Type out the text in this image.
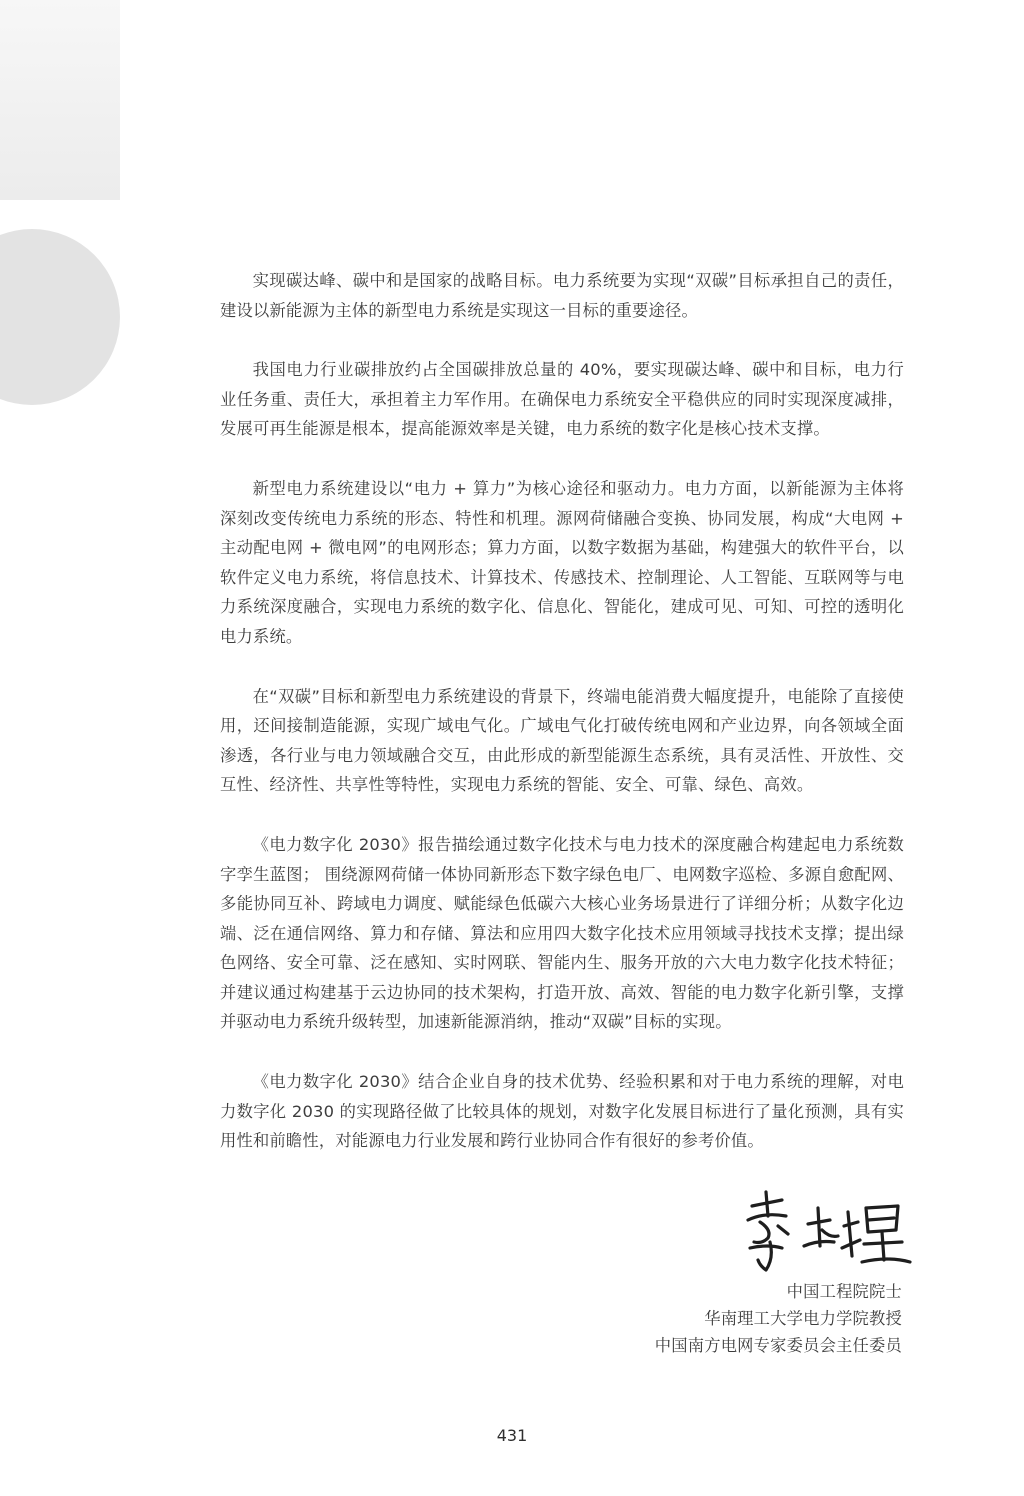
实现碳达峰、碳中和是国家的战略目标。电力系统要为实现“双碳”目标承担自己的责任，建设以新能源为主体的新型电力系统是实现这一目标的重要途径。

我国电力行业碳排放约占全国碳排放总量的 40%，要实现碳达峰、碳中和目标，电力行业任务重、责任大，承担着主力军作用。在确保电力系统安全平稳供应的同时实现深度减排，发展可再生能源是根本，提高能源效率是关键，电力系统的数字化是核心技术支撑。

新型电力系统建设以“电力 + 算力”为核心途径和驱动力。电力方面，以新能源为主体将深刻改变传统电力系统的形态、特性和机理。源网荷储融合变换、协同发展，构成“大电网 + 主动配电网 + 微电网”的电网形态；算力方面，以数字数据为基础，构建强大的软件平台，以软件定义电力系统，将信息技术、计算技术、传感技术、控制理论、人工智能、互联网等与电力系统深度融合，实现电力系统的数字化、信息化、智能化，建成可见、可知、可控的透明化电力系统。

在“双碳”目标和新型电力系统建设的背景下，终端电能消费大幅度提升，电能除了直接使用，还间接制造能源，实现广域电气化。广域电气化打破传统电网和产业边界，向各领域全面渗透，各行业与电力领域融合交互，由此形成的新型能源生态系统，具有灵活性、开放性、交互性、经济性、共享性等特性，实现电力系统的智能、安全、可靠、绿色、高效。

《电力数字化 2030》报告描绘通过数字化技术与电力技术的深度融合构建起电力系统数字孪生蓝图； 围绕源网荷储一体协同新形态下数字绿色电厂、电网数字巡检、多源自愈配网、多能协同互补、跨域电力调度、赋能绿色低碳六大核心业务场景进行了详细分析；从数字化边端、泛在通信网络、算力和存储、算法和应用四大数字化技术应用领域寻找技术支撑；提出绿色网络、安全可靠、泛在感知、实时网联、智能内生、服务开放的六大电力数字化技术特征；并建议通过构建基于云边协同的技术架构，打造开放、高效、智能的电力数字化新引擎，支撑并驱动电力系统升级转型，加速新能源消纳，推动“双碳”目标的实现。

《电力数字化 2030》结合企业自身的技术优势、经验积累和对于电力系统的理解，对电力数字化 2030 的实现路径做了比较具体的规划，对数字化发展目标进行了量化预测，具有实用性和前瞻性，对能源电力行业发展和跨行业协同合作有很好的参考价值。

中国工程院院士
华南理工大学电力学院教授
中国南方电网专家委员会主任委员
431
